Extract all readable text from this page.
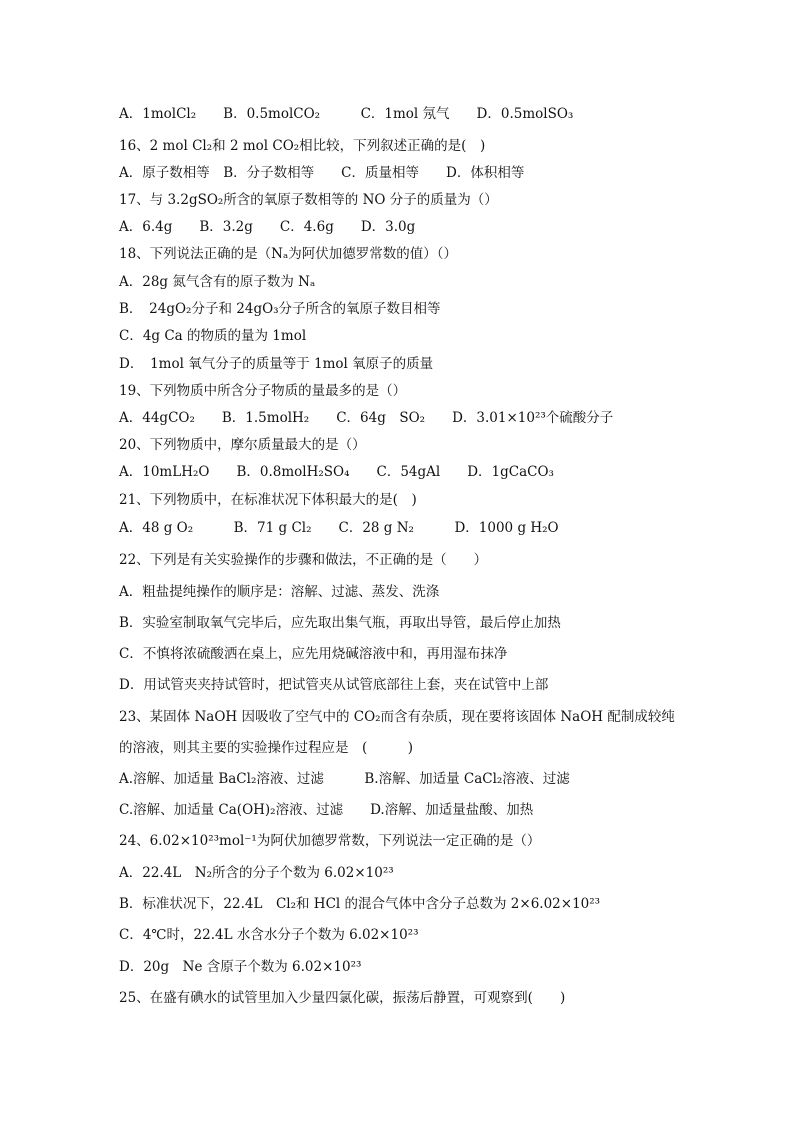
A．1molCl₂　　B．0.5molCO₂　　　C．1mol 氖气　　D．0.5molSO₃
16、2 mol Cl₂和 2 mol CO₂相比较，下列叙述正确的是(　)
A．原子数相等　B．分子数相等　　C．质量相等　　D．体积相等
17、与 3.2gSO₂所含的氧原子数相等的 NO 分子的质量为（）
A．6.4g　　B．3.2g　　C．4.6g　　D．3.0g
18、下列说法正确的是（Nₐ为阿伏加德罗常数的值）（）
A．28g 氮气含有的原子数为 Nₐ
B．　24gO₂分子和 24gO₃分子所含的氧原子数目相等
C．4g Ca 的物质的量为 1mol
D．　1mol 氧气分子的质量等于 1mol 氧原子的质量
19、下列物质中所含分子物质的量最多的是（）
A．44gCO₂　　B．1.5molH₂　　C．64g　SO₂　　D．3.01×10²³个硫酸分子
20、下列物质中，摩尔质量最大的是（）
A．10mLH₂O　　B．0.8molH₂SO₄　　C．54gAl　　D．1gCaCO₃
21、下列物质中，在标准状况下体积最大的是(　)
A．48 g O₂　　　B．71 g Cl₂　　C．28 g N₂　　　D．1000 g H₂O
22、下列是有关实验操作的步骤和做法，不正确的是（　　）
A．粗盐提纯操作的顺序是：溶解、过滤、蒸发、洗涤
B．实验室制取氧气完毕后，应先取出集气瓶，再取出导管，最后停止加热
C．不慎将浓硫酸洒在桌上，应先用烧碱溶液中和，再用湿布抹净
D．用试管夹夹持试管时，把试管夹从试管底部往上套，夹在试管中上部
23、某固体 NaOH 因吸收了空气中的 CO₂而含有杂质，现在要将该固体 NaOH 配制成较纯
的溶液，则其主要的实验操作过程应是　(　　　)
A.溶解、加适量 BaCl₂溶液、过滤　　　B.溶解、加适量 CaCl₂溶液、过滤
C.溶解、加适量 Ca(OH)₂溶液、过滤　　D.溶解、加适量盐酸、加热
24、6.02×10²³mol⁻¹为阿伏加德罗常数，下列说法一定正确的是（）
A．22.4L　N₂所含的分子个数为 6.02×10²³
B．标准状况下，22.4L　Cl₂和 HCl 的混合气体中含分子总数为 2×6.02×10²³
C．4℃时，22.4L 水含水分子个数为 6.02×10²³
D．20g　Ne 含原子个数为 6.02×10²³
25、在盛有碘水的试管里加入少量四氯化碳，振荡后静置，可观察到(　　)
